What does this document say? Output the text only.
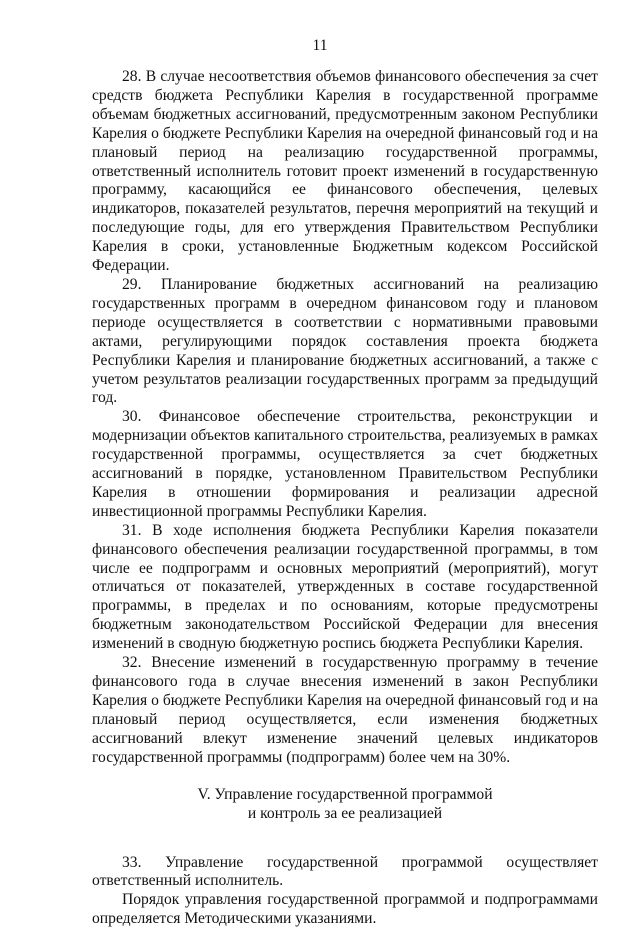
11

28. В случае несоответствия объемов финансового обеспечения за счет средств бюджета Республики Карелия в государственной программе объемам бюджетных ассигнований, предусмотренным законом Республики Карелия о бюджете Республики Карелия на очередной финансовый год и на плановый период на реализацию государственной программы, ответственный исполнитель готовит проект изменений в государственную программу, касающийся ее финансового обеспечения, целевых индикаторов, показателей результатов, перечня мероприятий на текущий и последующие годы, для его утверждения Правительством Республики Карелия в сроки, установленные Бюджетным кодексом Российской Федерации.

29. Планирование бюджетных ассигнований на реализацию государственных программ в очередном финансовом году и плановом периоде осуществляется в соответствии с нормативными правовыми актами, регулирующими порядок составления проекта бюджета Республики Карелия и планирование бюджетных ассигнований, а также с учетом результатов реализации государственных программ за предыдущий год.

30. Финансовое обеспечение строительства, реконструкции и модернизации объектов капитального строительства, реализуемых в рамках государственной программы, осуществляется за счет бюджетных ассигнований в порядке, установленном Правительством Республики Карелия в отношении формирования и реализации адресной инвестиционной программы Республики Карелия.

31. В ходе исполнения бюджета Республики Карелия показатели финансового обеспечения реализации государственной программы, в том числе ее подпрограмм и основных мероприятий (мероприятий), могут отличаться от показателей, утвержденных в составе государственной программы, в пределах и по основаниям, которые предусмотрены бюджетным законодательством Российской Федерации для внесения изменений в сводную бюджетную роспись бюджета Республики Карелия.

32. Внесение изменений в государственную программу в течение финансового года в случае внесения изменений в закон Республики Карелия о бюджете Республики Карелия на очередной финансовый год и на плановый период осуществляется, если изменения бюджетных ассигнований влекут изменение значений целевых индикаторов государственной программы (подпрограмм) более чем на 30%.

V. Управление государственной программой
и контроль за ее реализацией

33. Управление государственной программой осуществляет ответственный исполнитель.

Порядок управления государственной программой и подпрограммами определяется Методическими указаниями.
